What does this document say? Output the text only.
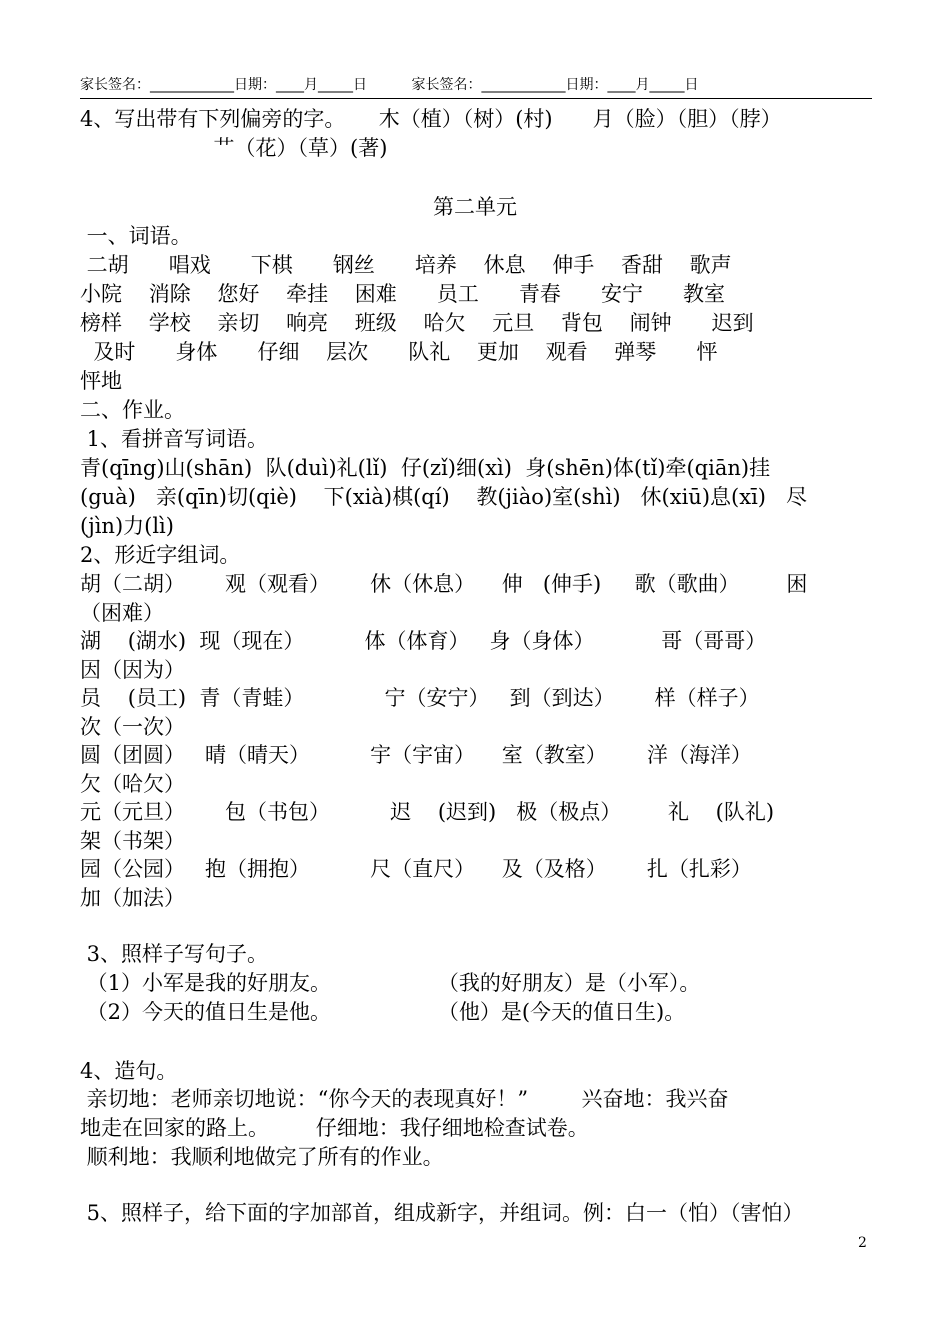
家长签名：____________日期：____月_____日          家长签名：____________日期：____月_____日
4、写出带有下列偏旁的字。     木（植）（树）(村)      月（脸）（胆）（脖）
艹（花）（草）(著)
第二单元
一、词语。
二胡      唱戏      下棋      钢丝      培养    休息    伸手    香甜    歌声
小院    消除    您好    牵挂    困难      员工      青春      安宁      教室
榜样    学校    亲切    响亮    班级    哈欠    元旦    背包    闹钟      迟到
及时      身体      仔细    层次      队礼    更加    观看    弹琴      怦
怦地
二、作业。
1、看拼音写词语。
青(qīng)山(shān)  队(duì)礼(lǐ)  仔(zǐ)细(xì)  身(shēn)体(tǐ)牵(qiān)挂
(guà)   亲(qīn)切(qiè)    下(xià)棋(qí)    教(jiào)室(shì)   休(xiū)息(xī)   尽
(jìn)力(lì)
2、形近字组词。
胡（二胡）      观（观看）      休（休息）    伸   (伸手)     歌（歌曲）       困
（困难）
湖    (湖水)  现（现在）         体（体育）   身（身体）          哥（哥哥）
因（因为）
员    (员工)  青（青蛙）            宁（安宁）   到（到达）      样（样子）
次（一次）
圆（团圆）   晴（晴天）         宇（宇宙）    室（教室）      洋（海洋）
欠（哈欠）
元（元旦）      包（书包）         迟    (迟到)   极（极点）       礼    (队礼)
架（书架）
园（公园）   抱（拥抱）         尺（直尺）    及（及格）      扎（扎彩）
加（加法）
3、照样子写句子。
（1）小军是我的好朋友。                （我的好朋友）是（小军）。
（2）今天的值日生是他。                （他）是(今天的值日生)。
4、造句。
亲切地：老师亲切地说：“你今天的表现真好！”        兴奋地：我兴奋
地走在回家的路上。       仔细地：我仔细地检查试卷。
顺利地：我顺利地做完了所有的作业。
5、照样子，给下面的字加部首，组成新字，并组词。例：白一（怕）（害怕）
2
